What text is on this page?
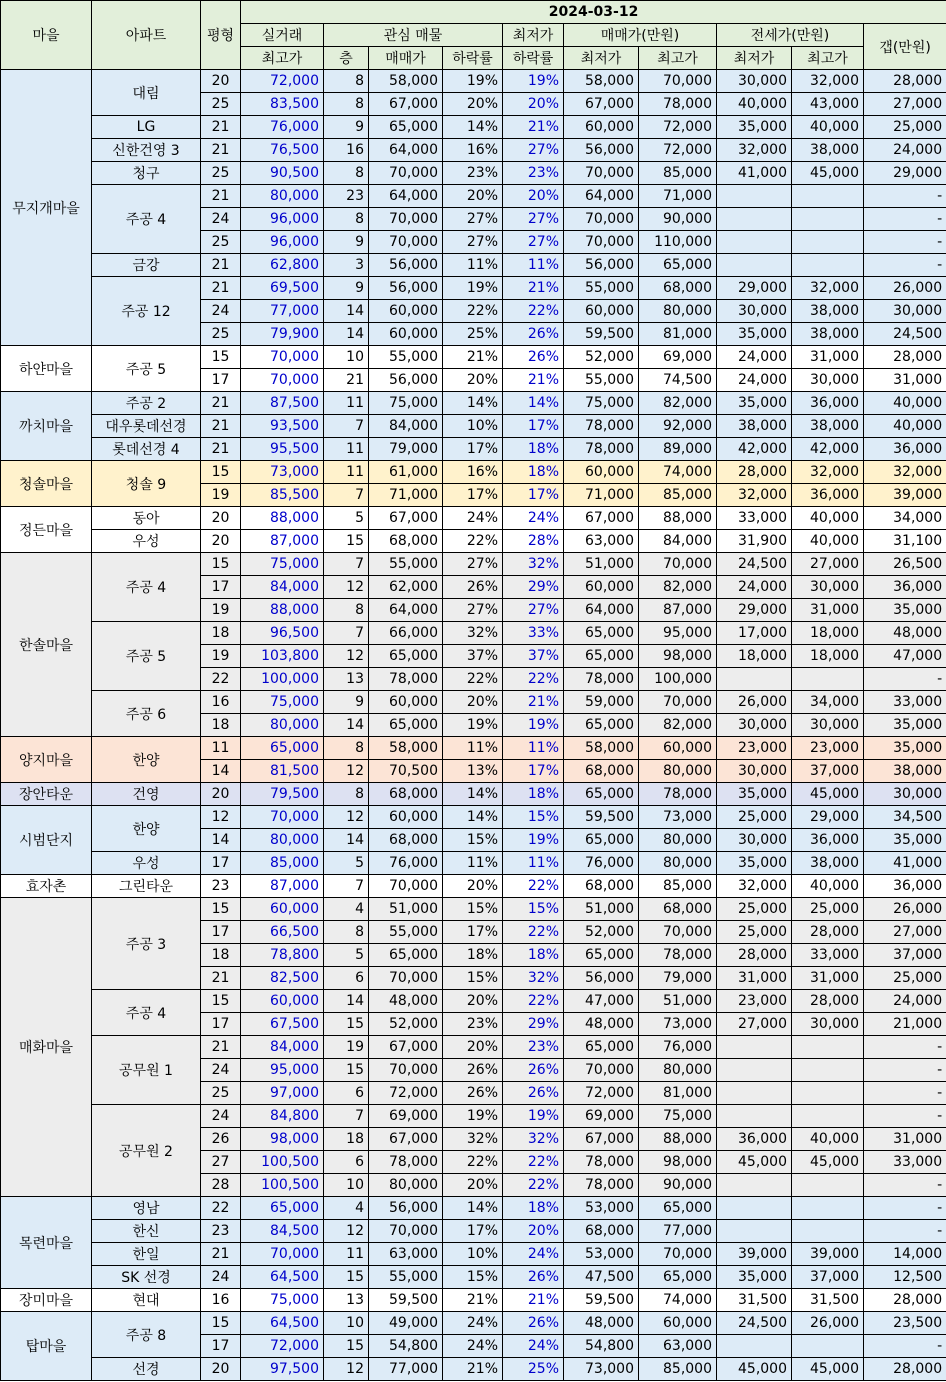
마을	아파트	평형	2024-03-12									
			실거래	관심 매물			최저가	매매가(만원)		전세가(만원)		갭(만원)
			최고가	층	매매가	하락률	하락률	최저가	최고가	최저가	최고가	
무지개마을	대림	20	72,000	8	58,000	19%	19%	58,000	70,000	30,000	32,000	28,000
		25	83,500	8	67,000	20%	20%	67,000	78,000	40,000	43,000	27,000
	LG	21	76,000	9	65,000	14%	21%	60,000	72,000	35,000	40,000	25,000
	신한건영 3	21	76,500	16	64,000	16%	27%	56,000	72,000	32,000	38,000	24,000
	청구	25	90,500	8	70,000	23%	23%	70,000	85,000	41,000	45,000	29,000
	주공 4	21	80,000	23	64,000	20%	20%	64,000	71,000			-
		24	96,000	8	70,000	27%	27%	70,000	90,000			-
		25	96,000	9	70,000	27%	27%	70,000	110,000			-
	금강	21	62,800	3	56,000	11%	11%	56,000	65,000			-
	주공 12	21	69,500	9	56,000	19%	21%	55,000	68,000	29,000	32,000	26,000
		24	77,000	14	60,000	22%	22%	60,000	80,000	30,000	38,000	30,000
		25	79,900	14	60,000	25%	26%	59,500	81,000	35,000	38,000	24,500
하얀마을	주공 5	15	70,000	10	55,000	21%	26%	52,000	69,000	24,000	31,000	28,000
		17	70,000	21	56,000	20%	21%	55,000	74,500	24,000	30,000	31,000
까치마을	주공 2	21	87,500	11	75,000	14%	14%	75,000	82,000	35,000	36,000	40,000
	대우롯데선경	21	93,500	7	84,000	10%	17%	78,000	92,000	38,000	38,000	40,000
	롯데선경 4	21	95,500	11	79,000	17%	18%	78,000	89,000	42,000	42,000	36,000
청솔마을	청솔 9	15	73,000	11	61,000	16%	18%	60,000	74,000	28,000	32,000	32,000
		19	85,500	7	71,000	17%	17%	71,000	85,000	32,000	36,000	39,000
정든마을	동아	20	88,000	5	67,000	24%	24%	67,000	88,000	33,000	40,000	34,000
	우성	20	87,000	15	68,000	22%	28%	63,000	84,000	31,900	40,000	31,100
한솔마을	주공 4	15	75,000	7	55,000	27%	32%	51,000	70,000	24,500	27,000	26,500
		17	84,000	12	62,000	26%	29%	60,000	82,000	24,000	30,000	36,000
		19	88,000	8	64,000	27%	27%	64,000	87,000	29,000	31,000	35,000
	주공 5	18	96,500	7	66,000	32%	33%	65,000	95,000	17,000	18,000	48,000
		19	103,800	12	65,000	37%	37%	65,000	98,000	18,000	18,000	47,000
		22	100,000	13	78,000	22%	22%	78,000	100,000			-
	주공 6	16	75,000	9	60,000	20%	21%	59,000	70,000	26,000	34,000	33,000
		18	80,000	14	65,000	19%	19%	65,000	82,000	30,000	30,000	35,000
양지마을	한양	11	65,000	8	58,000	11%	11%	58,000	60,000	23,000	23,000	35,000
		14	81,500	12	70,500	13%	17%	68,000	80,000	30,000	37,000	38,000
장안타운	건영	20	79,500	8	68,000	14%	18%	65,000	78,000	35,000	45,000	30,000
시범단지	한양	12	70,000	12	60,000	14%	15%	59,500	73,000	25,000	29,000	34,500
		14	80,000	14	68,000	15%	19%	65,000	80,000	30,000	36,000	35,000
	우성	17	85,000	5	76,000	11%	11%	76,000	80,000	35,000	38,000	41,000
효자촌	그린타운	23	87,000	7	70,000	20%	22%	68,000	85,000	32,000	40,000	36,000
매화마을	주공 3	15	60,000	4	51,000	15%	15%	51,000	68,000	25,000	25,000	26,000
		17	66,500	8	55,000	17%	22%	52,000	70,000	25,000	28,000	27,000
		18	78,800	5	65,000	18%	18%	65,000	78,000	28,000	33,000	37,000
		21	82,500	6	70,000	15%	32%	56,000	79,000	31,000	31,000	25,000
	주공 4	15	60,000	14	48,000	20%	22%	47,000	51,000	23,000	28,000	24,000
		17	67,500	15	52,000	23%	29%	48,000	73,000	27,000	30,000	21,000
	공무원 1	21	84,000	19	67,000	20%	23%	65,000	76,000			-
		24	95,000	15	70,000	26%	26%	70,000	80,000			-
		25	97,000	6	72,000	26%	26%	72,000	81,000			-
	공무원 2	24	84,800	7	69,000	19%	19%	69,000	75,000			-
		26	98,000	18	67,000	32%	32%	67,000	88,000	36,000	40,000	31,000
		27	100,500	6	78,000	22%	22%	78,000	98,000	45,000	45,000	33,000
		28	100,500	10	80,000	20%	22%	78,000	90,000			-
목련마을	영남	22	65,000	4	56,000	14%	18%	53,000	65,000			-
	한신	23	84,500	12	70,000	17%	20%	68,000	77,000			-
	한일	21	70,000	11	63,000	10%	24%	53,000	70,000	39,000	39,000	14,000
	SK 선경	24	64,500	15	55,000	15%	26%	47,500	65,000	35,000	37,000	12,500
장미마을	현대	16	75,000	13	59,500	21%	21%	59,500	74,000	31,500	31,500	28,000
탑마을	주공 8	15	64,500	10	49,000	24%	26%	48,000	60,000	24,500	26,000	23,500
		17	72,000	15	54,800	24%	24%	54,800	63,000			-
	선경	20	97,500	12	77,000	21%	25%	73,000	85,000	45,000	45,000	28,000
